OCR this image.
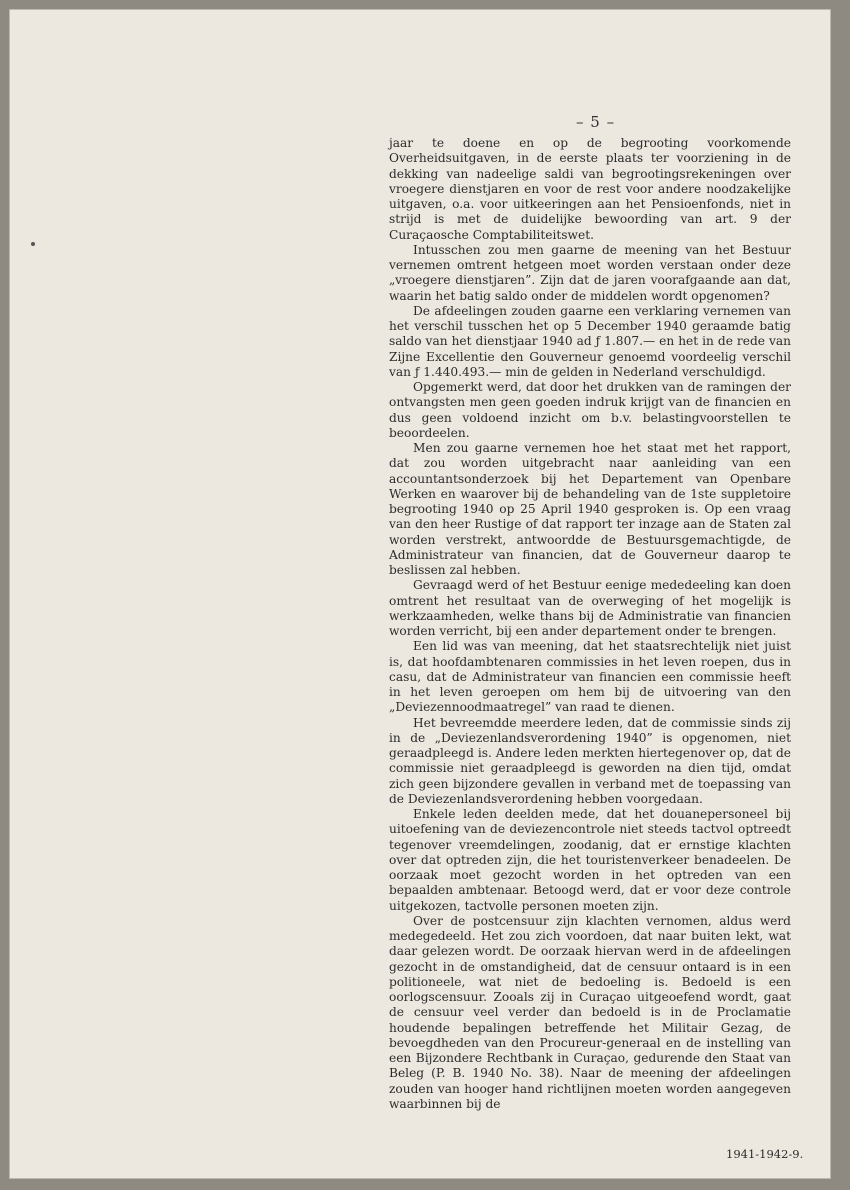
– 5 –

jaar te doene en op de begrooting voorkomende Overheidsuitgaven, in de eerste plaats ter voorziening in de dekking van nadeelige saldi van begrootingsrekeningen over vroegere dienstjaren en voor de rest voor andere noodzakelijke uitgaven, o.a. voor uitkeeringen aan het Pensioenfonds, niet in strijd is met de duidelijke bewoording van art. 9 der Curaçaosche Comptabiliteitswet.

Intusschen zou men gaarne de meening van het Bestuur vernemen omtrent hetgeen moet worden verstaan onder deze „vroegere dienstjaren”. Zijn dat de jaren voorafgaande aan dat, waarin het batig saldo onder de middelen wordt opgenomen?

De afdeelingen zouden gaarne een verklaring vernemen van het verschil tusschen het op 5 December 1940 geraamde batig saldo van het dienstjaar 1940 ad ƒ 1.807.— en het in de rede van Zijne Excellentie den Gouverneur genoemd voordeelig verschil van ƒ 1.440.493.— min de gelden in Nederland verschuldigd.

Opgemerkt werd, dat door het drukken van de ramingen der ontvangsten men geen goeden indruk krijgt van de financien en dus geen voldoend inzicht om b.v. belastingvoorstellen te beoordeelen.

Men zou gaarne vernemen hoe het staat met het rapport, dat zou worden uitgebracht naar aanleiding van een accountantsonderzoek bij het Departement van Openbare Werken en waarover bij de behandeling van de 1ste suppletoire begrooting 1940 op 25 April 1940 gesproken is. Op een vraag van den heer Rustige of dat rapport ter inzage aan de Staten zal worden verstrekt, antwoordde de Bestuursgemachtigde, de Administrateur van financien, dat de Gouverneur daarop te beslissen zal hebben.

Gevraagd werd of het Bestuur eenige mededeeling kan doen omtrent het resultaat van de overweging of het mogelijk is werkzaamheden, welke thans bij de Administratie van financien worden verricht, bij een ander departement onder te brengen.

Een lid was van meening, dat het staatsrechtelijk niet juist is, dat hoofdambtenaren commissies in het leven roepen, dus in casu, dat de Administrateur van financien een commissie heeft in het leven geroepen om hem bij de uitvoering van den „Deviezennoodmaatregel” van raad te dienen.

Het bevreemdde meerdere leden, dat de commissie sinds zij in de „Deviezenlandsverordening 1940” is opgenomen, niet geraadpleegd is. Andere leden merkten hiertegenover op, dat de commissie niet geraadpleegd is geworden na dien tijd, omdat zich geen bijzondere gevallen in verband met de toepassing van de Deviezenlandsverordening hebben voorgedaan.

Enkele leden deelden mede, dat het douanepersoneel bij uitoefening van de deviezencontrole niet steeds tactvol optreedt tegenover vreemdelingen, zoodanig, dat er ernstige klachten over dat optreden zijn, die het touristenverkeer benadeelen. De oorzaak moet gezocht worden in het optreden van een bepaalden ambtenaar. Betoogd werd, dat er voor deze controle uitgekozen, tactvolle personen moeten zijn.

Over de postcensuur zijn klachten vernomen, aldus werd medegedeeld. Het zou zich voordoen, dat naar buiten lekt, wat daar gelezen wordt. De oorzaak hiervan werd in de afdeelingen gezocht in de omstandigheid, dat de censuur ontaard is in een politioneele, wat niet de bedoeling is. Bedoeld is een oorlogscensuur. Zooals zij in Curaçao uitgeoefend wordt, gaat de censuur veel verder dan bedoeld is in de Proclamatie houdende bepalingen betreffende het Militair Gezag, de bevoegdheden van den Procureur-generaal en de instelling van een Bijzondere Rechtbank in Curaçao, gedurende den Staat van Beleg (P. B. 1940 No. 38). Naar de meening der afdeelingen zouden van hooger hand richtlijnen moeten worden aangegeven waarbinnen bij de

1941-1942-9.
